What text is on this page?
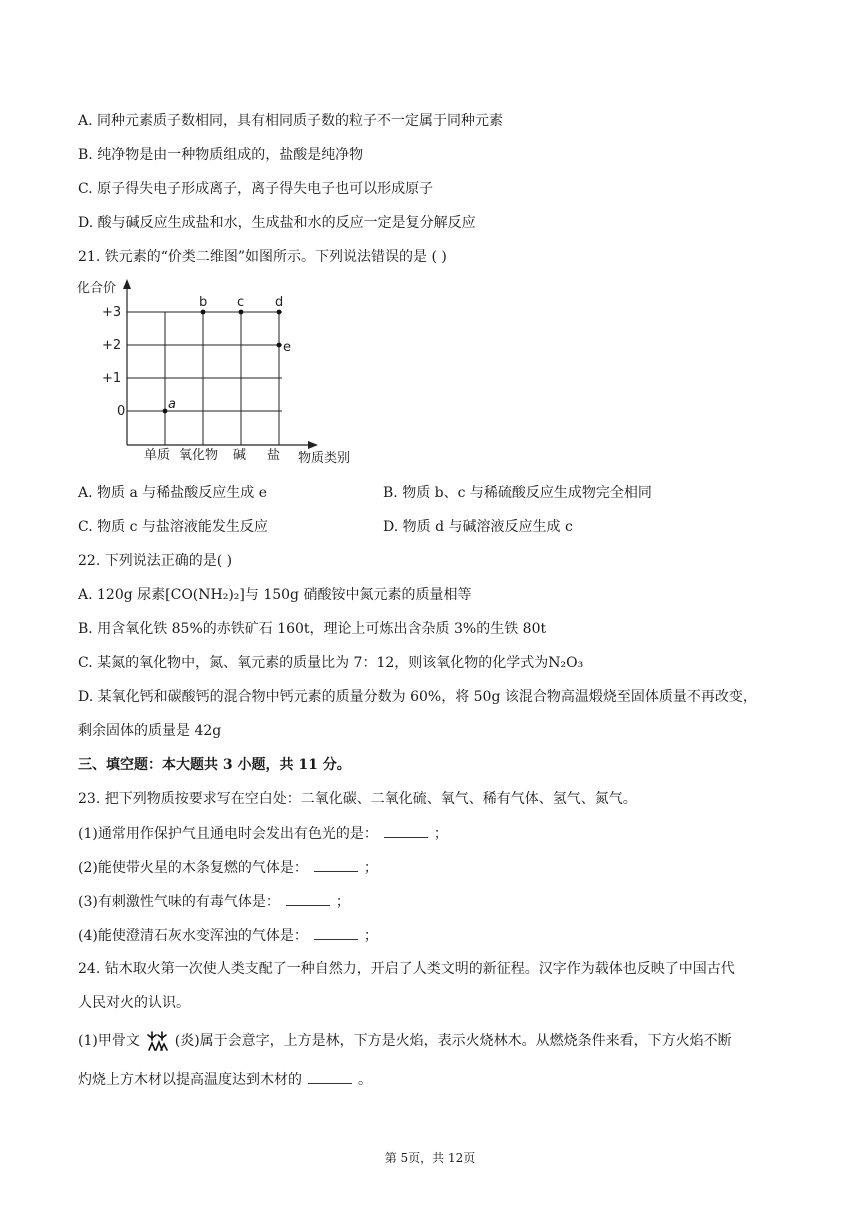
A. 同种元素质子数相同，具有相同质子数的粒子不一定属于同种元素
B. 纯净物是由一种物质组成的，盐酸是纯净物
C. 原子得失电子形成离子，离子得失电子也可以形成原子
D. 酸与碱反应生成盐和水，生成盐和水的反应一定是复分解反应
21. 铁元素的“价类二维图”如图所示。下列说法错误的是 ( )
化合价
物质类别
+3
+2
+1
0
单质 氧化物 碱 盐
a
b c d
e
A. 物质 a 与稀盐酸反应生成 e	B. 物质 b、c 与稀硫酸反应生成物完全相同
C. 物质 c 与盐溶液能发生反应	D. 物质 d 与碱溶液反应生成 c
22. 下列说法正确的是( )
A. 120g 尿素[CO(NH₂)₂]与 150g 硝酸铵中氮元素的质量相等
B. 用含氧化铁 85%的赤铁矿石 160t，理论上可炼出含杂质 3%的生铁 80t
C. 某氮的氧化物中，氮、氧元素的质量比为 7：12，则该氧化物的化学式为N₂O₃
D. 某氧化钙和碳酸钙的混合物中钙元素的质量分数为 60%，将 50g 该混合物高温煅烧至固体质量不再改变，
剩余固体的质量是 42g
三、填空题：本大题共 3 小题，共 11 分。
23. 把下列物质按要求写在空白处：二氧化碳、二氧化硫、氧气、稀有气体、氢气、氮气。
(1)通常用作保护气且通电时会发出有色光的是：	；
(2)能使带火星的木条复燃的气体是：	；
(3)有刺激性气味的有毒气体是：	；
(4)能使澄清石灰水变浑浊的气体是：	；
24. 钻木取火第一次使人类支配了一种自然力，开启了人类文明的新征程。汉字作为载体也反映了中国古代
人民对火的认识。
(1)甲骨文 (炎)属于会意字，上方是林，下方是火焰，表示火烧林木。从燃烧条件来看，下方火焰不断
灼烧上方木材以提高温度达到木材的	。
第 5页，共 12页
